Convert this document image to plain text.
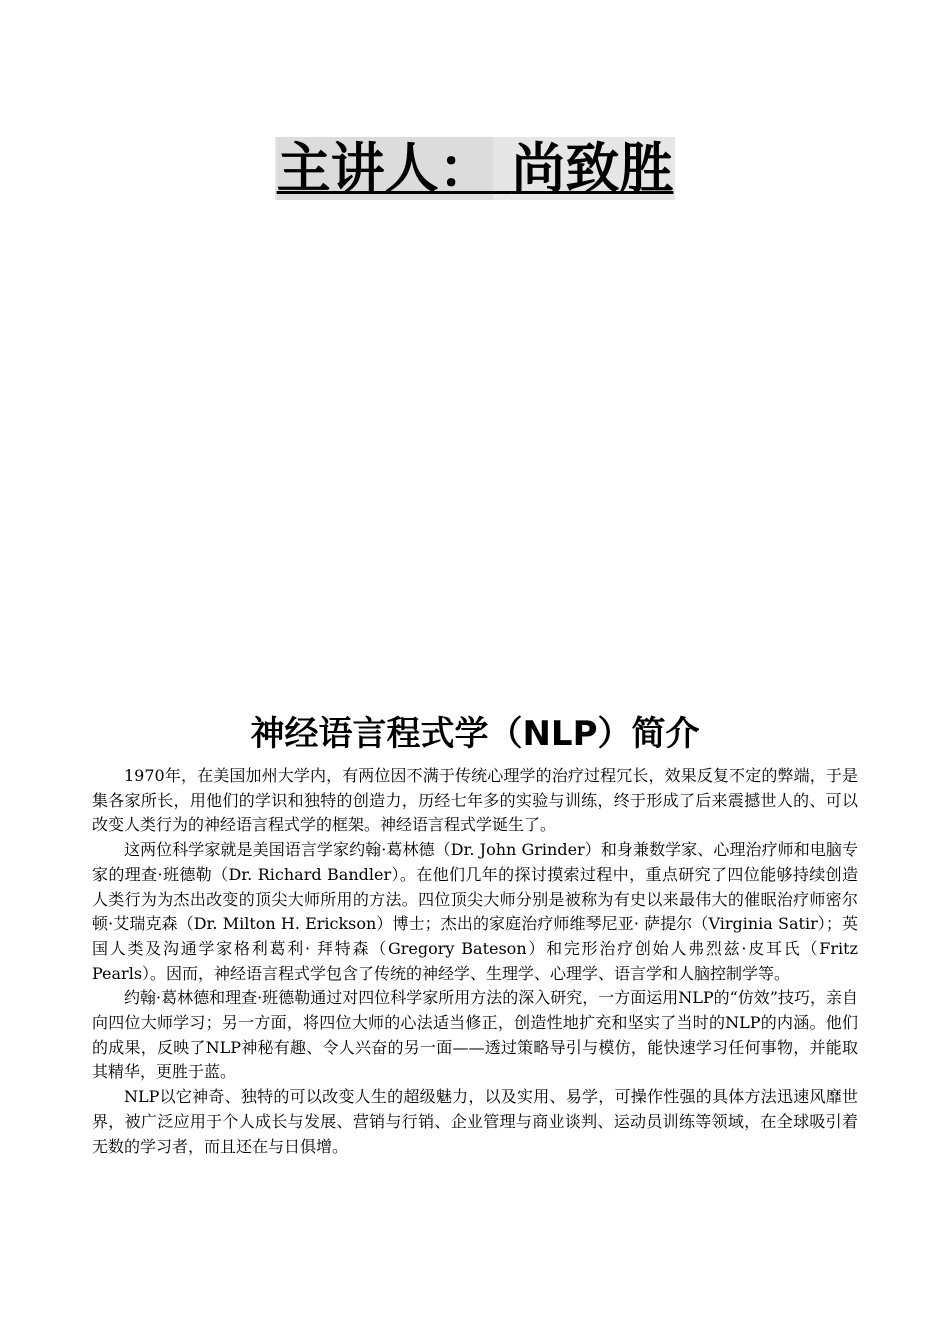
主讲人： 尚致胜
神经语言程式学（NLP）简介

1970年，在美国加州大学内，有两位因不满于传统心理学的治疗过程冗长，效果反复不定的弊端，于是集各家所长，用他们的学识和独特的创造力，历经七年多的实验与训练，终于形成了后来震撼世人的、可以改变人类行为的神经语言程式学的框架。神经语言程式学诞生了。

这两位科学家就是美国语言学家约翰·葛林德（Dr. John Grinder）和身兼数学家、心理治疗师和电脑专家的理查·班德勒（Dr. Richard Bandler）。在他们几年的探讨摸索过程中，重点研究了四位能够持续创造人类行为为杰出改变的顶尖大师所用的方法。四位顶尖大师分别是被称为有史以来最伟大的催眠治疗师密尔顿·艾瑞克森（Dr. Milton H. Erickson）博士；杰出的家庭治疗师维琴尼亚· 萨提尔（Virginia Satir）；英国人类及沟通学家格利葛利· 拜特森（Gregory Bateson）和完形治疗创始人弗烈兹·皮耳氏（Fritz Pearls）。因而，神经语言程式学包含了传统的神经学、生理学、心理学、语言学和人脑控制学等。

约翰·葛林德和理查·班德勒通过对四位科学家所用方法的深入研究，一方面运用NLP的“仿效”技巧，亲自向四位大师学习；另一方面，将四位大师的心法适当修正，创造性地扩充和坚实了当时的NLP的内涵。他们的成果，反映了NLP神秘有趣、令人兴奋的另一面——透过策略导引与模仿，能快速学习任何事物，并能取其精华，更胜于蓝。

NLP以它神奇、独特的可以改变人生的超级魅力，以及实用、易学，可操作性强的具体方法迅速风靡世界，被广泛应用于个人成长与发展、营销与行销、企业管理与商业谈判、运动员训练等领域，在全球吸引着无数的学习者，而且还在与日俱增。
